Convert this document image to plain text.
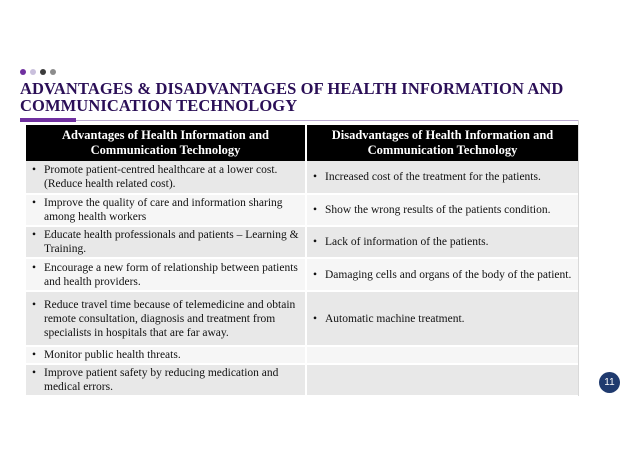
ADVANTAGES & DISADVANTAGES OF HEALTH INFORMATION AND COMMUNICATION TECHNOLOGY
Advantages of Health Information and Communication Technology	Disadvantages of Health Information and Communication Technology

• Promote patient-centred healthcare at a lower cost. (Reduce health related cost).	• Increased cost of the treatment for the patients.

• Improve the quality of care and information sharing among health workers	• Show the wrong results of the patients condition.

• Educate health professionals and patients – Learning & Training.	• Lack of information of the patients.

• Encourage a new form of relationship between patients and health providers.	• Damaging cells and organs of the body of the patient.

• Reduce travel time because of telemedicine and obtain remote consultation, diagnosis and treatment from specialists in hospitals that are far away.	• Automatic machine treatment.

• Monitor public health threats.	

• Improve patient safety by reducing medication and medical errors.	
		11
